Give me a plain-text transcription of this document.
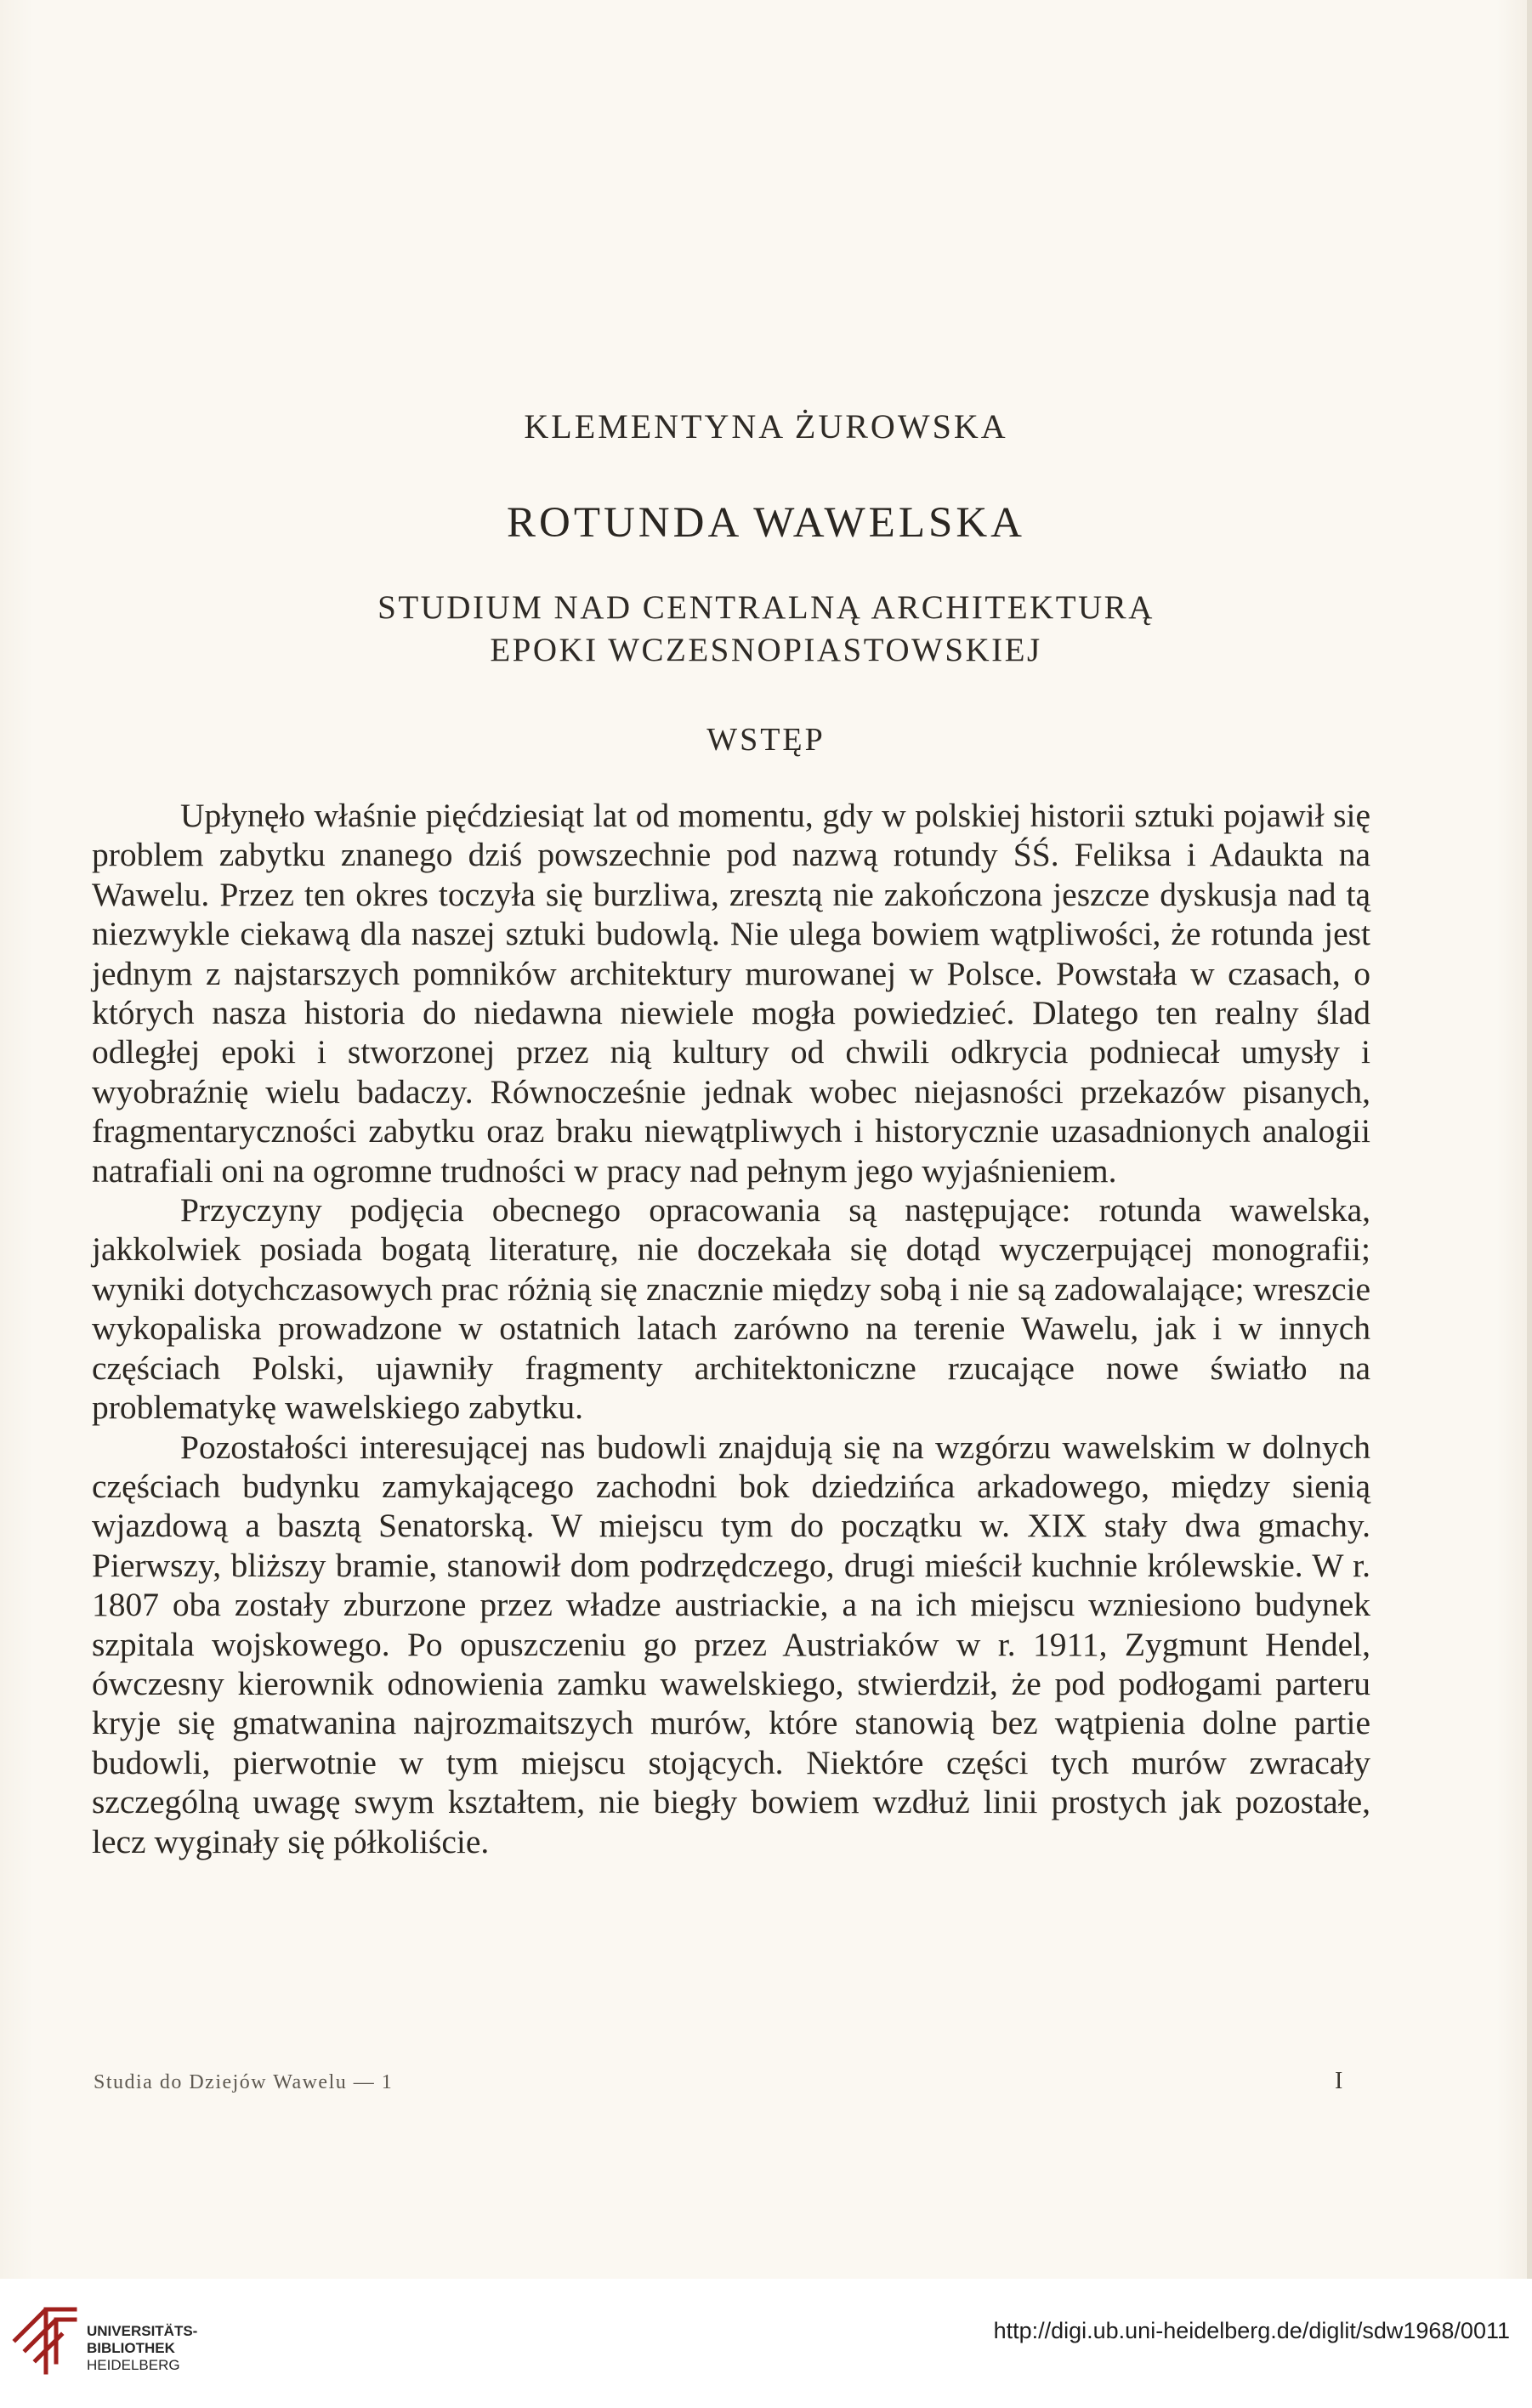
KLEMENTYNA ŻUROWSKA
ROTUNDA WAWELSKA
STUDIUM NAD CENTRALNĄ ARCHITEKTURĄ
EPOKI WCZESNOPIASTOWSKIEJ
WSTĘP

Upłynęło właśnie pięćdziesiąt lat od momentu, gdy w polskiej historii sztuki pojawił się problem zabytku znanego dziś powszechnie pod nazwą rotundy ŚŚ. Feliksa i Adaukta na Wawelu. Przez ten okres toczyła się burzliwa, zresztą nie zakończona jeszcze dyskusja nad tą niezwykle ciekawą dla naszej sztuki budowlą. Nie ulega bowiem wątpliwości, że rotunda jest jednym z najstarszych pomników architektury murowanej w Polsce. Powstała w czasach, o których nasza historia do niedawna niewiele mogła powiedzieć. Dlatego ten realny ślad odległej epoki i stworzonej przez nią kultury od chwili odkrycia podniecał umysły i wyobraźnię wielu badaczy. Równocześnie jednak wobec niejasności przekazów pisanych, fragmentaryczności zabytku oraz braku niewątpliwych i historycznie uzasadnionych analogii natrafiali oni na ogromne trudności w pracy nad pełnym jego wyjaśnieniem.

Przyczyny podjęcia obecnego opracowania są następujące: rotunda wawelska, jakkolwiek posiada bogatą literaturę, nie doczekała się dotąd wyczerpującej monografii; wyniki dotychczasowych prac różnią się znacznie między sobą i nie są zadowalające; wreszcie wykopaliska prowadzone w ostatnich latach zarówno na terenie Wawelu, jak i w innych częściach Polski, ujawniły fragmenty architektoniczne rzucające nowe światło na problematykę wawelskiego zabytku.

Pozostałości interesującej nas budowli znajdują się na wzgórzu wawelskim w dolnych częściach budynku zamykającego zachodni bok dziedzińca arkadowego, między sienią wjazdową a basztą Senatorską. W miejscu tym do początku w. XIX stały dwa gmachy. Pierwszy, bliższy bramie, stanowił dom podrzędczego, drugi mieścił kuchnie królewskie. W r. 1807 oba zostały zburzone przez władze austriackie, a na ich miejscu wzniesiono budynek szpitala wojskowego. Po opuszczeniu go przez Austriaków w r. 1911, Zygmunt Hendel, ówczesny kierownik odnowienia zamku wawelskiego, stwierdził, że pod podłogami parteru kryje się gmatwanina najrozmaitszych murów, które stanowią bez wątpienia dolne partie budowli, pierwotnie w tym miejscu stojących. Niektóre części tych murów zwracały szczególną uwagę swym kształtem, nie biegły bowiem wzdłuż linii prostych jak pozostałe, lecz wyginały się półkoliście.

Studia do Dziejów Wawelu — 1	I
UNIVERSITÄTS-
BIBLIOTHEK
HEIDELBERG
http://digi.ub.uni-heidelberg.de/diglit/sdw1968/0011
